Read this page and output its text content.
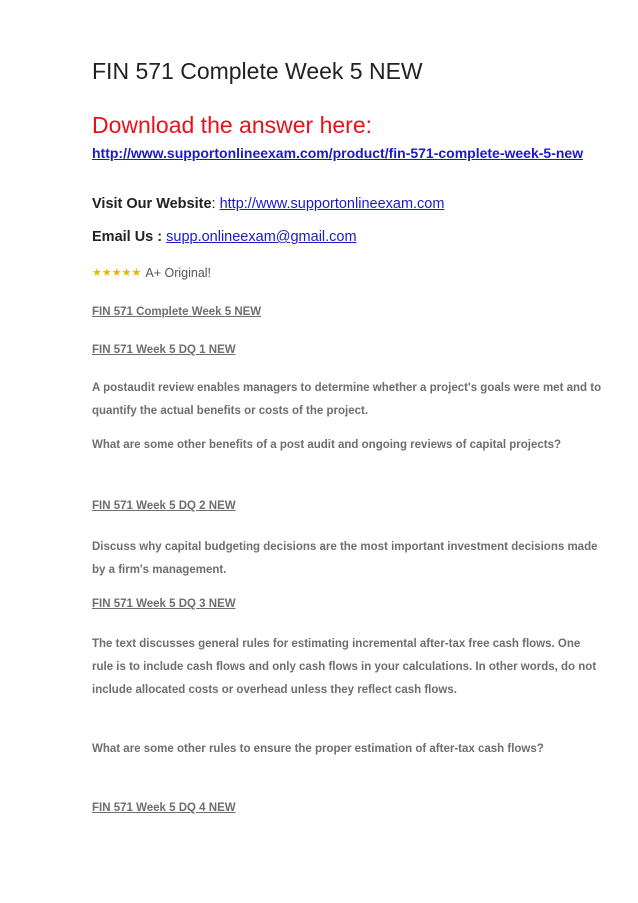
FIN 571 Complete Week 5 NEW
Download the answer here:
http://www.supportonlineexam.com/product/fin-571-complete-week-5-new
Visit Our Website: http://www.supportonlineexam.com
Email Us : supp.onlineexam@gmail.com
★ ★ ★ ★ ★ A+ Original!
FIN 571 Complete Week 5 NEW
FIN 571 Week 5 DQ 1 NEW

A postaudit review enables managers to determine whether a project's goals were met and to quantify the actual benefits or costs of the project.

What are some other benefits of a post audit and ongoing reviews of capital projects?

FIN 571 Week 5 DQ 2 NEW

Discuss why capital budgeting decisions are the most important investment decisions made by a firm's management.

FIN 571 Week 5 DQ 3 NEW

The text discusses general rules for estimating incremental after-tax free cash flows. One rule is to include cash flows and only cash flows in your calculations. In other words, do not include allocated costs or overhead unless they reflect cash flows.

What are some other rules to ensure the proper estimation of after-tax cash flows?

FIN 571 Week 5 DQ 4 NEW
